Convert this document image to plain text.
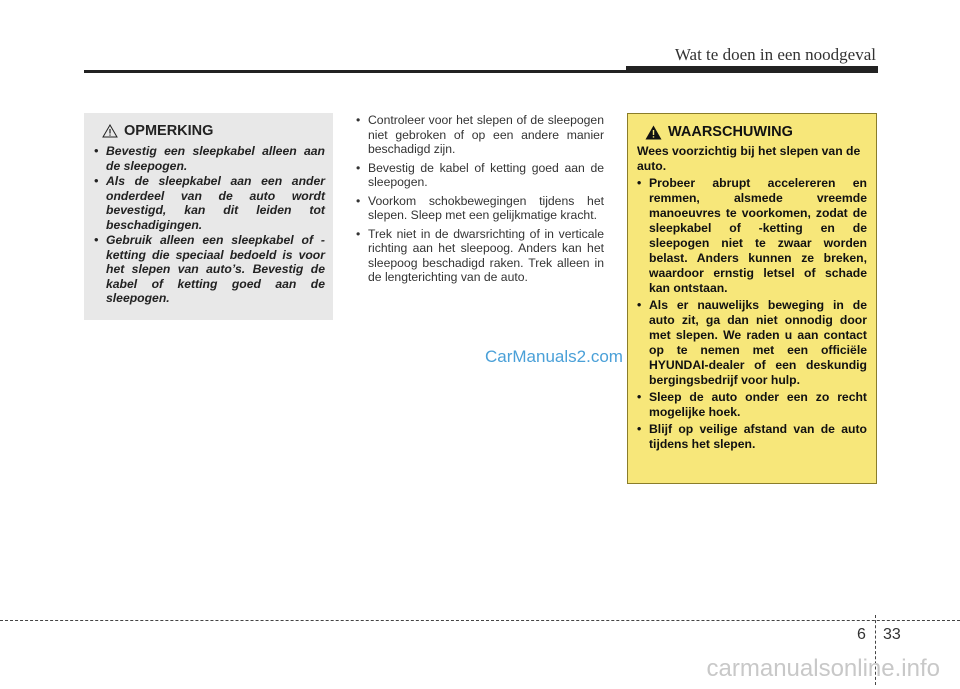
Wat te doen in een noodgeval
OPMERKING
• Bevestig een sleepkabel alleen aan de sleepogen.
• Als de sleepkabel aan een ander onderdeel van de auto wordt bevestigd, kan dit leiden tot beschadigingen.
• Gebruik alleen een sleepkabel of -ketting die speciaal bedoeld is voor het slepen van auto’s. Bevestig de kabel of ketting goed aan de sleepogen.
• Controleer voor het slepen of de sleepogen niet gebroken of op een andere manier beschadigd zijn.
• Bevestig de kabel of ketting goed aan de sleepogen.
• Voorkom schokbewegingen tijdens het slepen. Sleep met een gelijkmatige kracht.
• Trek niet in de dwarsrichting of in verticale richting aan het sleepoog. Anders kan het sleepoog beschadigd raken. Trek alleen in de lengterichting van de auto.
CarManuals2.com
WAARSCHUWING
Wees voorzichtig bij het slepen van de auto.
• Probeer abrupt accelereren en remmen, alsmede vreemde manoeuvres te voorkomen, zodat de sleepkabel of -ketting en de sleepogen niet te zwaar worden belast. Anders kunnen ze breken, waardoor ernstig letsel of schade kan ontstaan.
• Als er nauwelijks beweging in de auto zit, ga dan niet onnodig door met slepen. We raden u aan contact op te nemen met een officiële HYUNDAI-dealer of een deskundig bergingsbedrijf voor hulp.
• Sleep de auto onder een zo recht mogelijke hoek.
• Blijf op veilige afstand van de auto tijdens het slepen.
6 33
carmanualsonline.info
